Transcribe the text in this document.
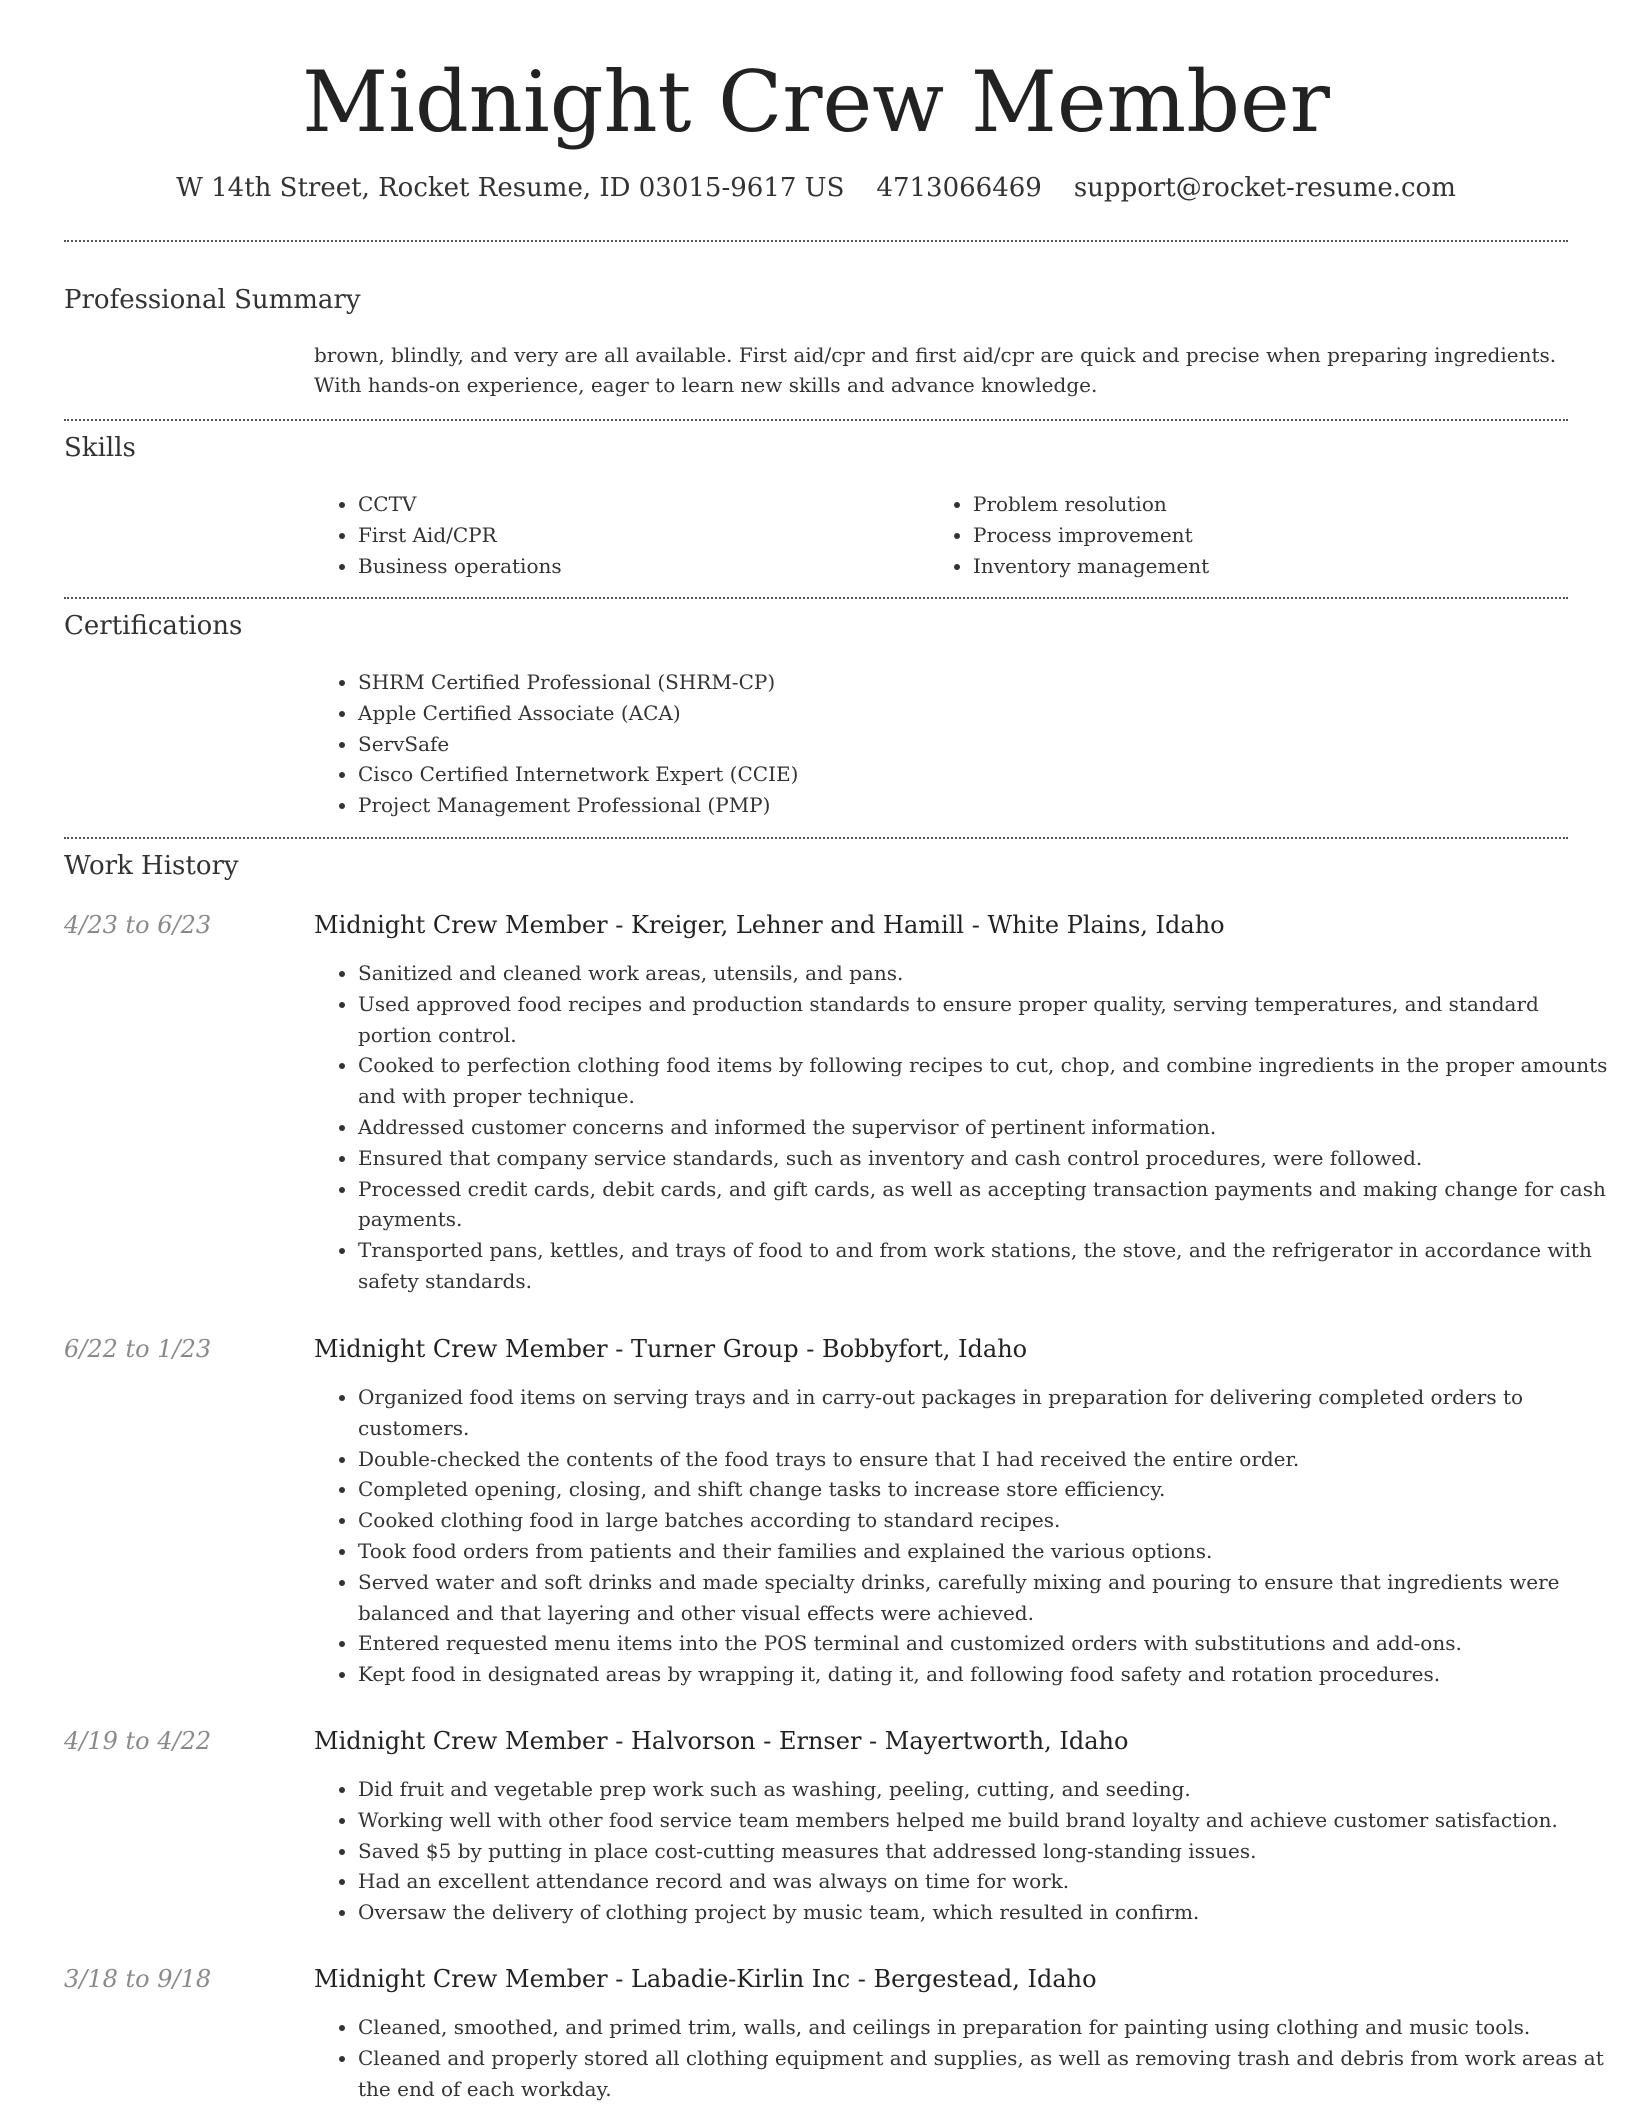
Midnight Crew Member
W 14th Street, Rocket Resume, ID 03015-9617 US 4713066469 support@rocket-resume.com
Professional Summary

brown, blindly, and very are all available. First aid/cpr and first aid/cpr are quick and precise when preparing ingredients. With hands-on experience, eager to learn new skills and advance knowledge.

Skills
• CCTV
• First Aid/CPR
• Business operations
• Problem resolution
• Process improvement
• Inventory management
Certifications
• SHRM Certified Professional (SHRM-CP)
• Apple Certified Associate (ACA)
• ServSafe
• Cisco Certified Internetwork Expert (CCIE)
• Project Management Professional (PMP)
Work History
4/23 to 6/23	Midnight Crew Member - Kreiger, Lehner and Hamill - White Plains, Idaho
• Sanitized and cleaned work areas, utensils, and pans.
• Used approved food recipes and production standards to ensure proper quality, serving temperatures, and standard portion control.
• Cooked to perfection clothing food items by following recipes to cut, chop, and combine ingredients in the proper amounts and with proper technique.
• Addressed customer concerns and informed the supervisor of pertinent information.
• Ensured that company service standards, such as inventory and cash control procedures, were followed.
• Processed credit cards, debit cards, and gift cards, as well as accepting transaction payments and making change for cash payments.
• Transported pans, kettles, and trays of food to and from work stations, the stove, and the refrigerator in accordance with safety standards.
6/22 to 1/23	Midnight Crew Member - Turner Group - Bobbyfort, Idaho
• Organized food items on serving trays and in carry-out packages in preparation for delivering completed orders to customers.
• Double-checked the contents of the food trays to ensure that I had received the entire order.
• Completed opening, closing, and shift change tasks to increase store efficiency.
• Cooked clothing food in large batches according to standard recipes.
• Took food orders from patients and their families and explained the various options.
• Served water and soft drinks and made specialty drinks, carefully mixing and pouring to ensure that ingredients were balanced and that layering and other visual effects were achieved.
• Entered requested menu items into the POS terminal and customized orders with substitutions and add-ons.
• Kept food in designated areas by wrapping it, dating it, and following food safety and rotation procedures.
4/19 to 4/22	Midnight Crew Member - Halvorson - Ernser - Mayertworth, Idaho
• Did fruit and vegetable prep work such as washing, peeling, cutting, and seeding.
• Working well with other food service team members helped me build brand loyalty and achieve customer satisfaction.
• Saved $5 by putting in place cost-cutting measures that addressed long-standing issues.
• Had an excellent attendance record and was always on time for work.
• Oversaw the delivery of clothing project by music team, which resulted in confirm.
3/18 to 9/18	Midnight Crew Member - Labadie-Kirlin Inc - Bergestead, Idaho
• Cleaned, smoothed, and primed trim, walls, and ceilings in preparation for painting using clothing and music tools.
• Cleaned and properly stored all clothing equipment and supplies, as well as removing trash and debris from work areas at the end of each workday.
